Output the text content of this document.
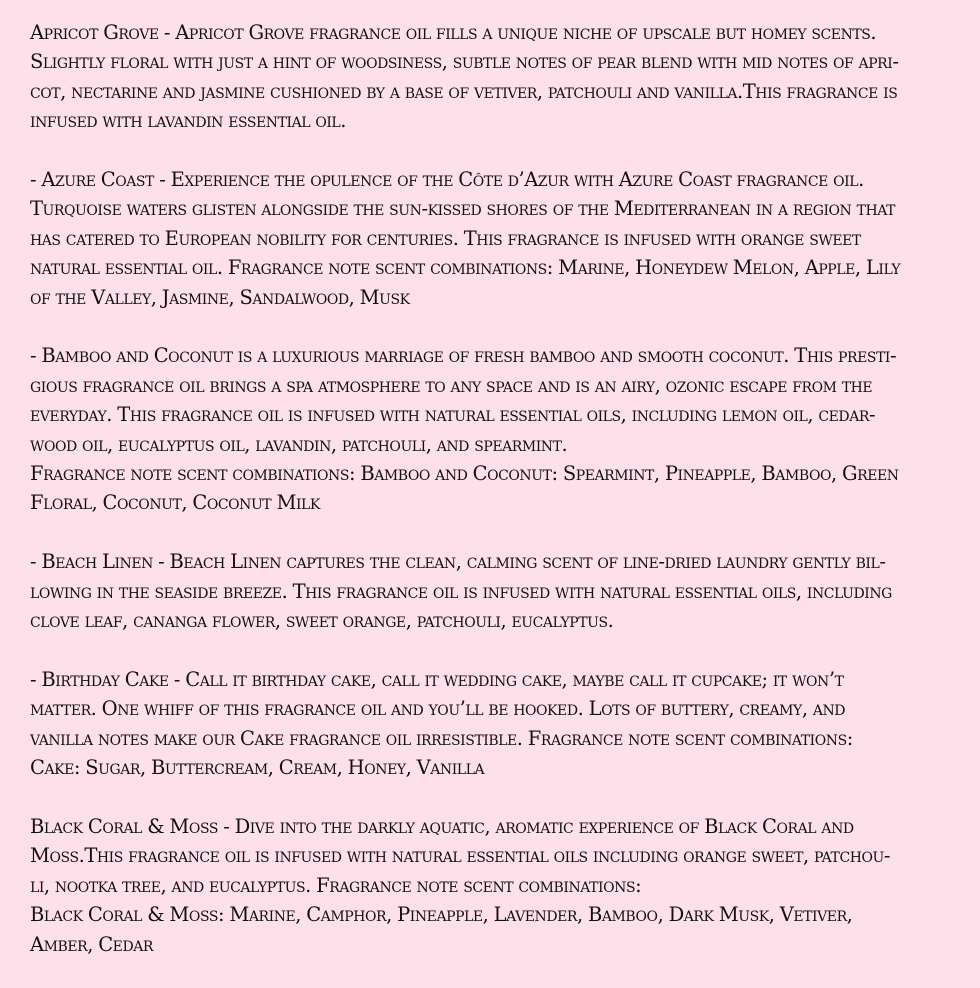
Apricot Grove - Apricot Grove fragrance oil fills a unique niche of upscale but homey scents.
Slightly floral with just a hint of woodsiness, subtle notes of pear blend with mid notes of apri-
cot, nectarine and jasmine cushioned by a base of vetiver, patchouli and vanilla.This fragrance is
infused with lavandin essential oil.
- Azure Coast - Experience the opulence of the Côte d’Azur with Azure Coast fragrance oil.
Turquoise waters glisten alongside the sun-kissed shores of the Mediterranean in a region that
has catered to European nobility for centuries. This fragrance is infused with orange sweet
natural essential oil. Fragrance note scent combinations: Marine, Honeydew Melon, Apple, Lily
of the Valley, Jasmine, Sandalwood, Musk
- Bamboo and Coconut is a luxurious marriage of fresh bamboo and smooth coconut. This presti-
gious fragrance oil brings a spa atmosphere to any space and is an airy, ozonic escape from the
everyday. This fragrance oil is infused with natural essential oils, including lemon oil, cedar-
wood oil, eucalyptus oil, lavandin, patchouli, and spearmint.
Fragrance note scent combinations: Bamboo and Coconut: Spearmint, Pineapple, Bamboo, Green
Floral, Coconut, Coconut Milk
- Beach Linen - Beach Linen captures the clean, calming scent of line-dried laundry gently bil-
lowing in the seaside breeze. This fragrance oil is infused with natural essential oils, including
clove leaf, cananga flower, sweet orange, patchouli, eucalyptus.
- Birthday Cake - Call it birthday cake, call it wedding cake, maybe call it cupcake; it won’t
matter. One whiff of this fragrance oil and you’ll be hooked. Lots of buttery, creamy, and
vanilla notes make our Cake fragrance oil irresistible. Fragrance note scent combinations:
Cake: Sugar, Buttercream, Cream, Honey, Vanilla
Black Coral & Moss - Dive into the darkly aquatic, aromatic experience of Black Coral and
Moss.This fragrance oil is infused with natural essential oils including orange sweet, patchou-
li, nootka tree, and eucalyptus. Fragrance note scent combinations:
Black Coral & Moss: Marine, Camphor, Pineapple, Lavender, Bamboo, Dark Musk, Vetiver,
Amber, Cedar
